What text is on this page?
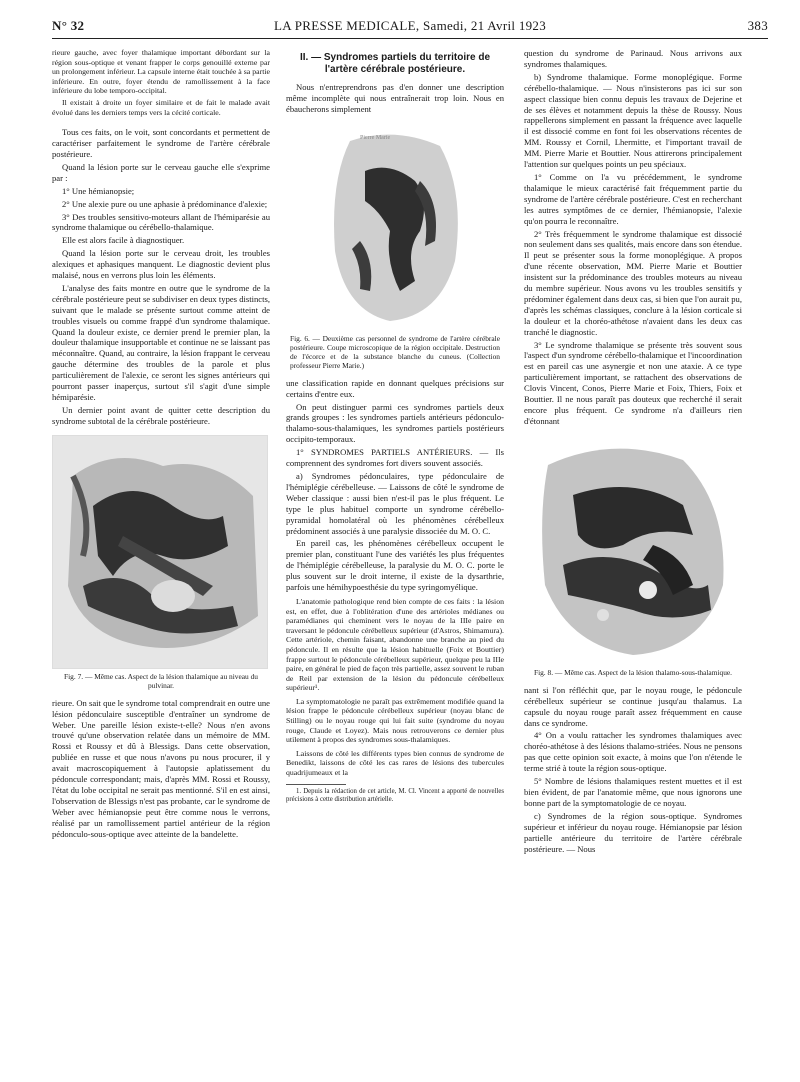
N° 32	LA PRESSE MEDICALE, Samedi, 21 Avril 1923	383

rieure gauche, avec foyer thalamique important débordant sur la région sous-optique et venant frapper le corps genouillé externe par un prolongement inférieur. La capsule interne était touchée à sa partie inférieure. En outre, foyer étendu de ramollissement à la face inférieure du lobe temporo-occipital.

Il existait à droite un foyer similaire et de fait le malade avait évolué dans les derniers temps vers la cécité corticale.

Tous ces faits, on le voit, sont concordants et permettent de caractériser parfaitement le syndrome de l'artère cérébrale postérieure.

Quand la lésion porte sur le cerveau gauche elle s'exprime par :

1° Une hémianopsie;

2° Une alexie pure ou une aphasie à prédominance d'alexie;

3° Des troubles sensitivo-moteurs allant de l'hémiparésie au syndrome thalamique ou cérébello-thalamique.

Elle est alors facile à diagnostiquer.

Quand la lésion porte sur le cerveau droit, les troubles alexiques et aphasiques manquent. Le diagnostic devient plus malaisé, nous en verrons plus loin les éléments.

L'analyse des faits montre en outre que le syndrome de la cérébrale postérieure peut se subdiviser en deux types distincts, suivant que le malade se présente surtout comme atteint de troubles visuels ou comme frappé d'un syndrome thalamique. Quand la douleur existe, ce dernier prend le premier plan, la douleur thalamique insupportable et continue ne se laissant pas méconnaître. Quand, au contraire, la lésion frappant le cerveau gauche détermine des troubles de la parole et plus particulièrement de l'alexie, ce seront les signes antérieurs qui pourront passer inaperçus, surtout s'il s'agit d'une simple hémiparésie.

Un dernier point avant de quitter cette description du syndrome subtotal de la cérébrale postérieure.

Fig. 7. — Même cas. Aspect de la lésion thalamique au niveau du pulvinar.

rieure. On sait que le syndrome total comprendrait en outre une lésion pédonculaire susceptible d'entraîner un syndrome de Weber. Une pareille lésion existe-t-elle? Nous n'en avons trouvé qu'une observation relatée dans un mémoire de MM. Rossi et Roussy et dû à Blessigs. Dans cette observation, publiée en russe et que nous n'avons pu nous procurer, il y avait macroscopiquement à l'autopsie aplatissement du pédoncule correspondant; mais, d'après MM. Rossi et Roussy, l'état du lobe occipital ne serait pas mentionné. S'il en est ainsi, l'observation de Blessigs n'est pas probante, car le syndrome de Weber avec hémianopsie peut être comme nous le verrons, réalisé par un ramollissement partiel antérieur de la région pédonculo-sous-optique avec atteinte de la bandelette.

II. — Syndromes partiels du territoire de l'artère cérébrale postérieure.

Nous n'entreprendrons pas d'en donner une description même incomplète qui nous entraînerait trop loin. Nous en ébaucherons simplement

Pierre Marie
Fig. 6. — Deuxième cas personnel de syndrome de l'artère cérébrale postérieure. Coupe microscopique de la région occipitale. Destruction de l'écorce et de la substance blanche du cuneus. (Collection professeur Pierre Marie.)

une classification rapide en donnant quelques précisions sur certains d'entre eux.

On peut distinguer parmi ces syndromes partiels deux grands groupes : les syndromes partiels antérieurs pédonculo-thalamo-sous-thalamiques, les syndromes partiels postérieurs occipito-temporaux.

1° SYNDROMES PARTIELS ANTÉRIEURS. — Ils comprennent des syndromes fort divers souvent associés.

a) Syndromes pédonculaires, type pédonculaire de l'hémiplégie cérébelleuse. — Laissons de côté le syndrome de Weber classique : aussi bien n'est-il pas le plus fréquent. Le type le plus habituel comporte un syndrome cérébello-pyramidal homolatéral où les phénomènes cérébelleux prédominent associés à une paralysie dissociée du M. O. C.

En pareil cas, les phénomènes cérébelleux occupent le premier plan, constituant l'une des variétés les plus fréquentes de l'hémiplégie cérébelleuse, la paralysie du M. O. C. porte le plus souvent sur le droit interne, il existe de la dysarthrie, parfois une hémihypoesthésie du type syringomyélique.

L'anatomie pathologique rend bien compte de ces faits : la lésion est, en effet, due à l'oblitération d'une des artérioles médianes ou paramédianes qui cheminent vers le noyau de la IIIe paire en traversant le pédoncule cérébelleux supérieur (d'Astros, Shimamura). Cette artériole, chemin faisant, abandonne une branche au pied du pédoncule. Il en résulte que la lésion habituelle (Foix et Bouttier) frappe surtout le pédoncule cérébelleux supérieur, quelque peu la IIIe paire, en général le pied de façon très partielle, assez souvent le ruban de Reil par extension de la lésion du pédoncule cérébelleux supérieur¹.

La symptomatologie ne paraît pas extrêmement modifiée quand la lésion frappe le pédoncule cérébelleux supérieur (noyau blanc de Stilling) ou le noyau rouge qui lui fait suite (syndrome du noyau rouge, Claude et Loyez). Mais nous retrouverons ce dernier plus utilement à propos des syndromes sous-thalamiques.

Laissons de côté les différents types bien connus de syndrome de Benedikt, laissons de côté les cas rares de lésions des tubercules quadrijumeaux et la

1. Depuis la rédaction de cet article, M. Cl. Vincent a apporté de nouvelles précisions à cette distribution artérielle.

question du syndrome de Parinaud. Nous arrivons aux syndromes thalamiques.

b) Syndrome thalamique. Forme monoplégique. Forme cérébello-thalamique. — Nous n'insisterons pas ici sur son aspect classique bien connu depuis les travaux de Dejerine et de ses élèves et notamment depuis la thèse de Roussy. Nous rappellerons simplement en passant la fréquence avec laquelle il est dissocié comme en font foi les observations récentes de MM. Roussy et Cornil, Lhermitte, et l'important travail de MM. Pierre Marie et Bouttier. Nous attirerons principalement l'attention sur quelques points un peu spéciaux.

1° Comme on l'a vu précédemment, le syndrome thalamique le mieux caractérisé fait fréquemment partie du syndrome de l'artère cérébrale postérieure. C'est en recherchant les autres symptômes de ce dernier, l'hémianopsie, l'alexie qu'on pourra le reconnaître.

2° Très fréquemment le syndrome thalamique est dissocié non seulement dans ses qualités, mais encore dans son étendue. Il peut se présenter sous la forme monoplégique. A propos d'une récente observation, MM. Pierre Marie et Bouttier insistent sur la prédominance des troubles moteurs au niveau du membre supérieur. Nous avons vu les troubles sensitifs y prédominer également dans deux cas, si bien que l'on aurait pu, d'après les schémas classiques, conclure à la lésion corticale si la douleur et la choréo-athétose n'avaient dans les deux cas tranché le diagnostic.

3° Le syndrome thalamique se présente très souvent sous l'aspect d'un syndrome cérébello-thalamique et l'incoordination est en pareil cas une asynergie et non une ataxie. A ce type particulièrement important, se rattachent des observations de Clovis Vincent, Conos, Pierre Marie et Foix, Thiers, Foix et Bouttier. Il ne nous paraît pas douteux que recherché il serait encore plus fréquent. Ce syndrome n'a d'ailleurs rien d'étonnant

Fig. 8. — Même cas. Aspect de la lésion thalamo-sous-thalamique.

nant si l'on réfléchit que, par le noyau rouge, le pédoncule cérébelleux supérieur se continue jusqu'au thalamus. La capsule du noyau rouge paraît assez fréquemment en cause dans ce syndrome.

4° On a voulu rattacher les syndromes thalamiques avec choréo-athétose à des lésions thalamo-striées. Nous ne pensons pas que cette opinion soit exacte, à moins que l'on n'étende le terme strié à toute la région sous-optique.

5° Nombre de lésions thalamiques restent muettes et il est bien évident, de par l'anatomie même, que nous ignorons une bonne part de la symptomatologie de ce noyau.

c) Syndromes de la région sous-optique. Syndromes supérieur et inférieur du noyau rouge. Hémianopsie par lésion partielle antérieure du territoire de l'artère cérébrale postérieure. — Nous
